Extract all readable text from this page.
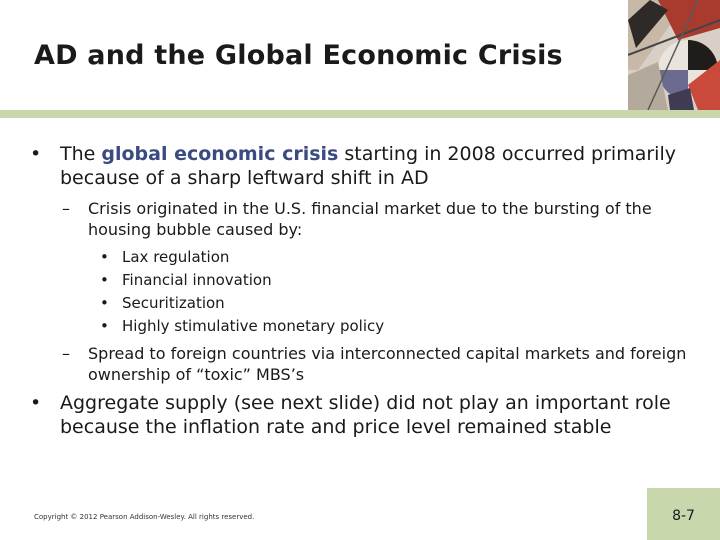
AD and the Global Economic Crisis
• The global economic crisis starting in 2008 occurred primarily because of a sharp leftward shift in AD
–	Crisis originated in the U.S. financial market due to the bursting of the housing bubble caused by:
• Lax regulation
• Financial innovation
• Securitization
• Highly stimulative monetary policy
–	Spread to foreign countries via interconnected capital markets and foreign ownership of “toxic” MBS’s
• Aggregate supply (see next slide) did not play an important role because the inflation rate and price level remained stable
Copyright © 2012 Pearson Addison-Wesley. All rights reserved.	8-7
